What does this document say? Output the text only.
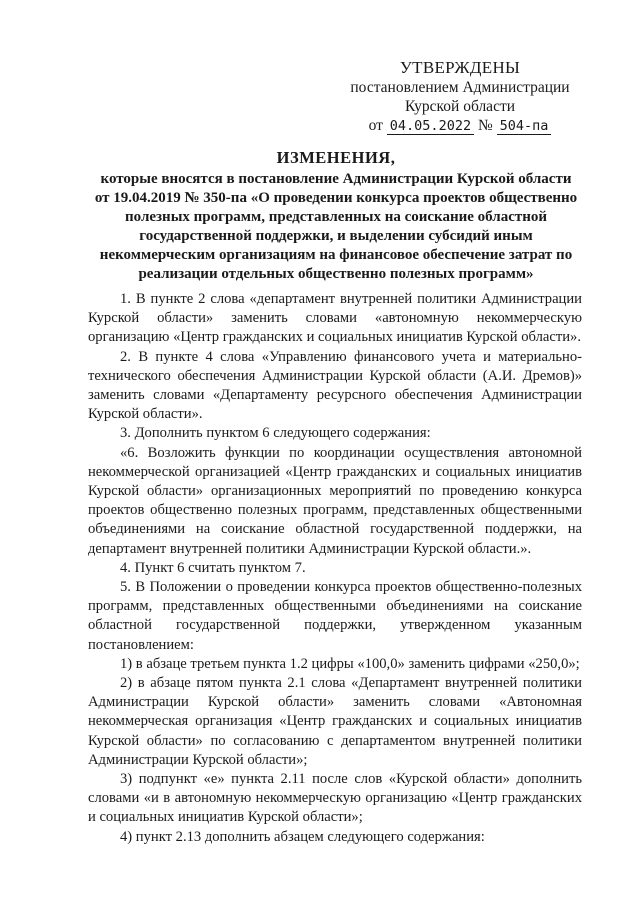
УТВЕРЖДЕНЫ
постановлением Администрации
Курской области
от 04.05.2022 № 504-па
ИЗМЕНЕНИЯ,
которые вносятся в постановление Администрации Курской области
от 19.04.2019 № 350-па «О проведении конкурса проектов общественно
полезных программ, представленных на соискание областной
государственной поддержки, и выделении субсидий иным
некоммерческим организациям на финансовое обеспечение затрат по
реализации отдельных общественно полезных программ»

1. В пункте 2 слова «департамент внутренней политики Администрации Курской области» заменить словами «автономную некоммерческую организацию «Центр гражданских и социальных инициатив Курской области».

2. В пункте 4 слова «Управлению финансового учета и материально-технического обеспечения Администрации Курской области (А.И. Дремов)» заменить словами «Департаменту ресурсного обеспечения Администрации Курской области».

3. Дополнить пунктом 6 следующего содержания:

«6. Возложить функции по координации осуществления автономной некоммерческой организацией «Центр гражданских и социальных инициатив Курской области» организационных мероприятий по проведению конкурса проектов общественно полезных программ, представленных общественными объединениями на соискание областной государственной поддержки, на департамент внутренней политики Администрации Курской области.».

4. Пункт 6 считать пунктом 7.

5. В Положении о проведении конкурса проектов общественно-полезных программ, представленных общественными объединениями на соискание областной государственной поддержки, утвержденном указанным постановлением:

1) в абзаце третьем пункта 1.2 цифры «100,0» заменить цифрами «250,0»;

2) в абзаце пятом пункта 2.1 слова «Департамент внутренней политики Администрации Курской области» заменить словами «Автономная некоммерческая организация «Центр гражданских и социальных инициатив Курской области» по согласованию с департаментом внутренней политики Администрации Курской области»;

3) подпункт «е» пункта 2.11 после слов «Курской области» дополнить словами «и в автономную некоммерческую организацию «Центр гражданских и социальных инициатив Курской области»;

4) пункт 2.13 дополнить абзацем следующего содержания:
